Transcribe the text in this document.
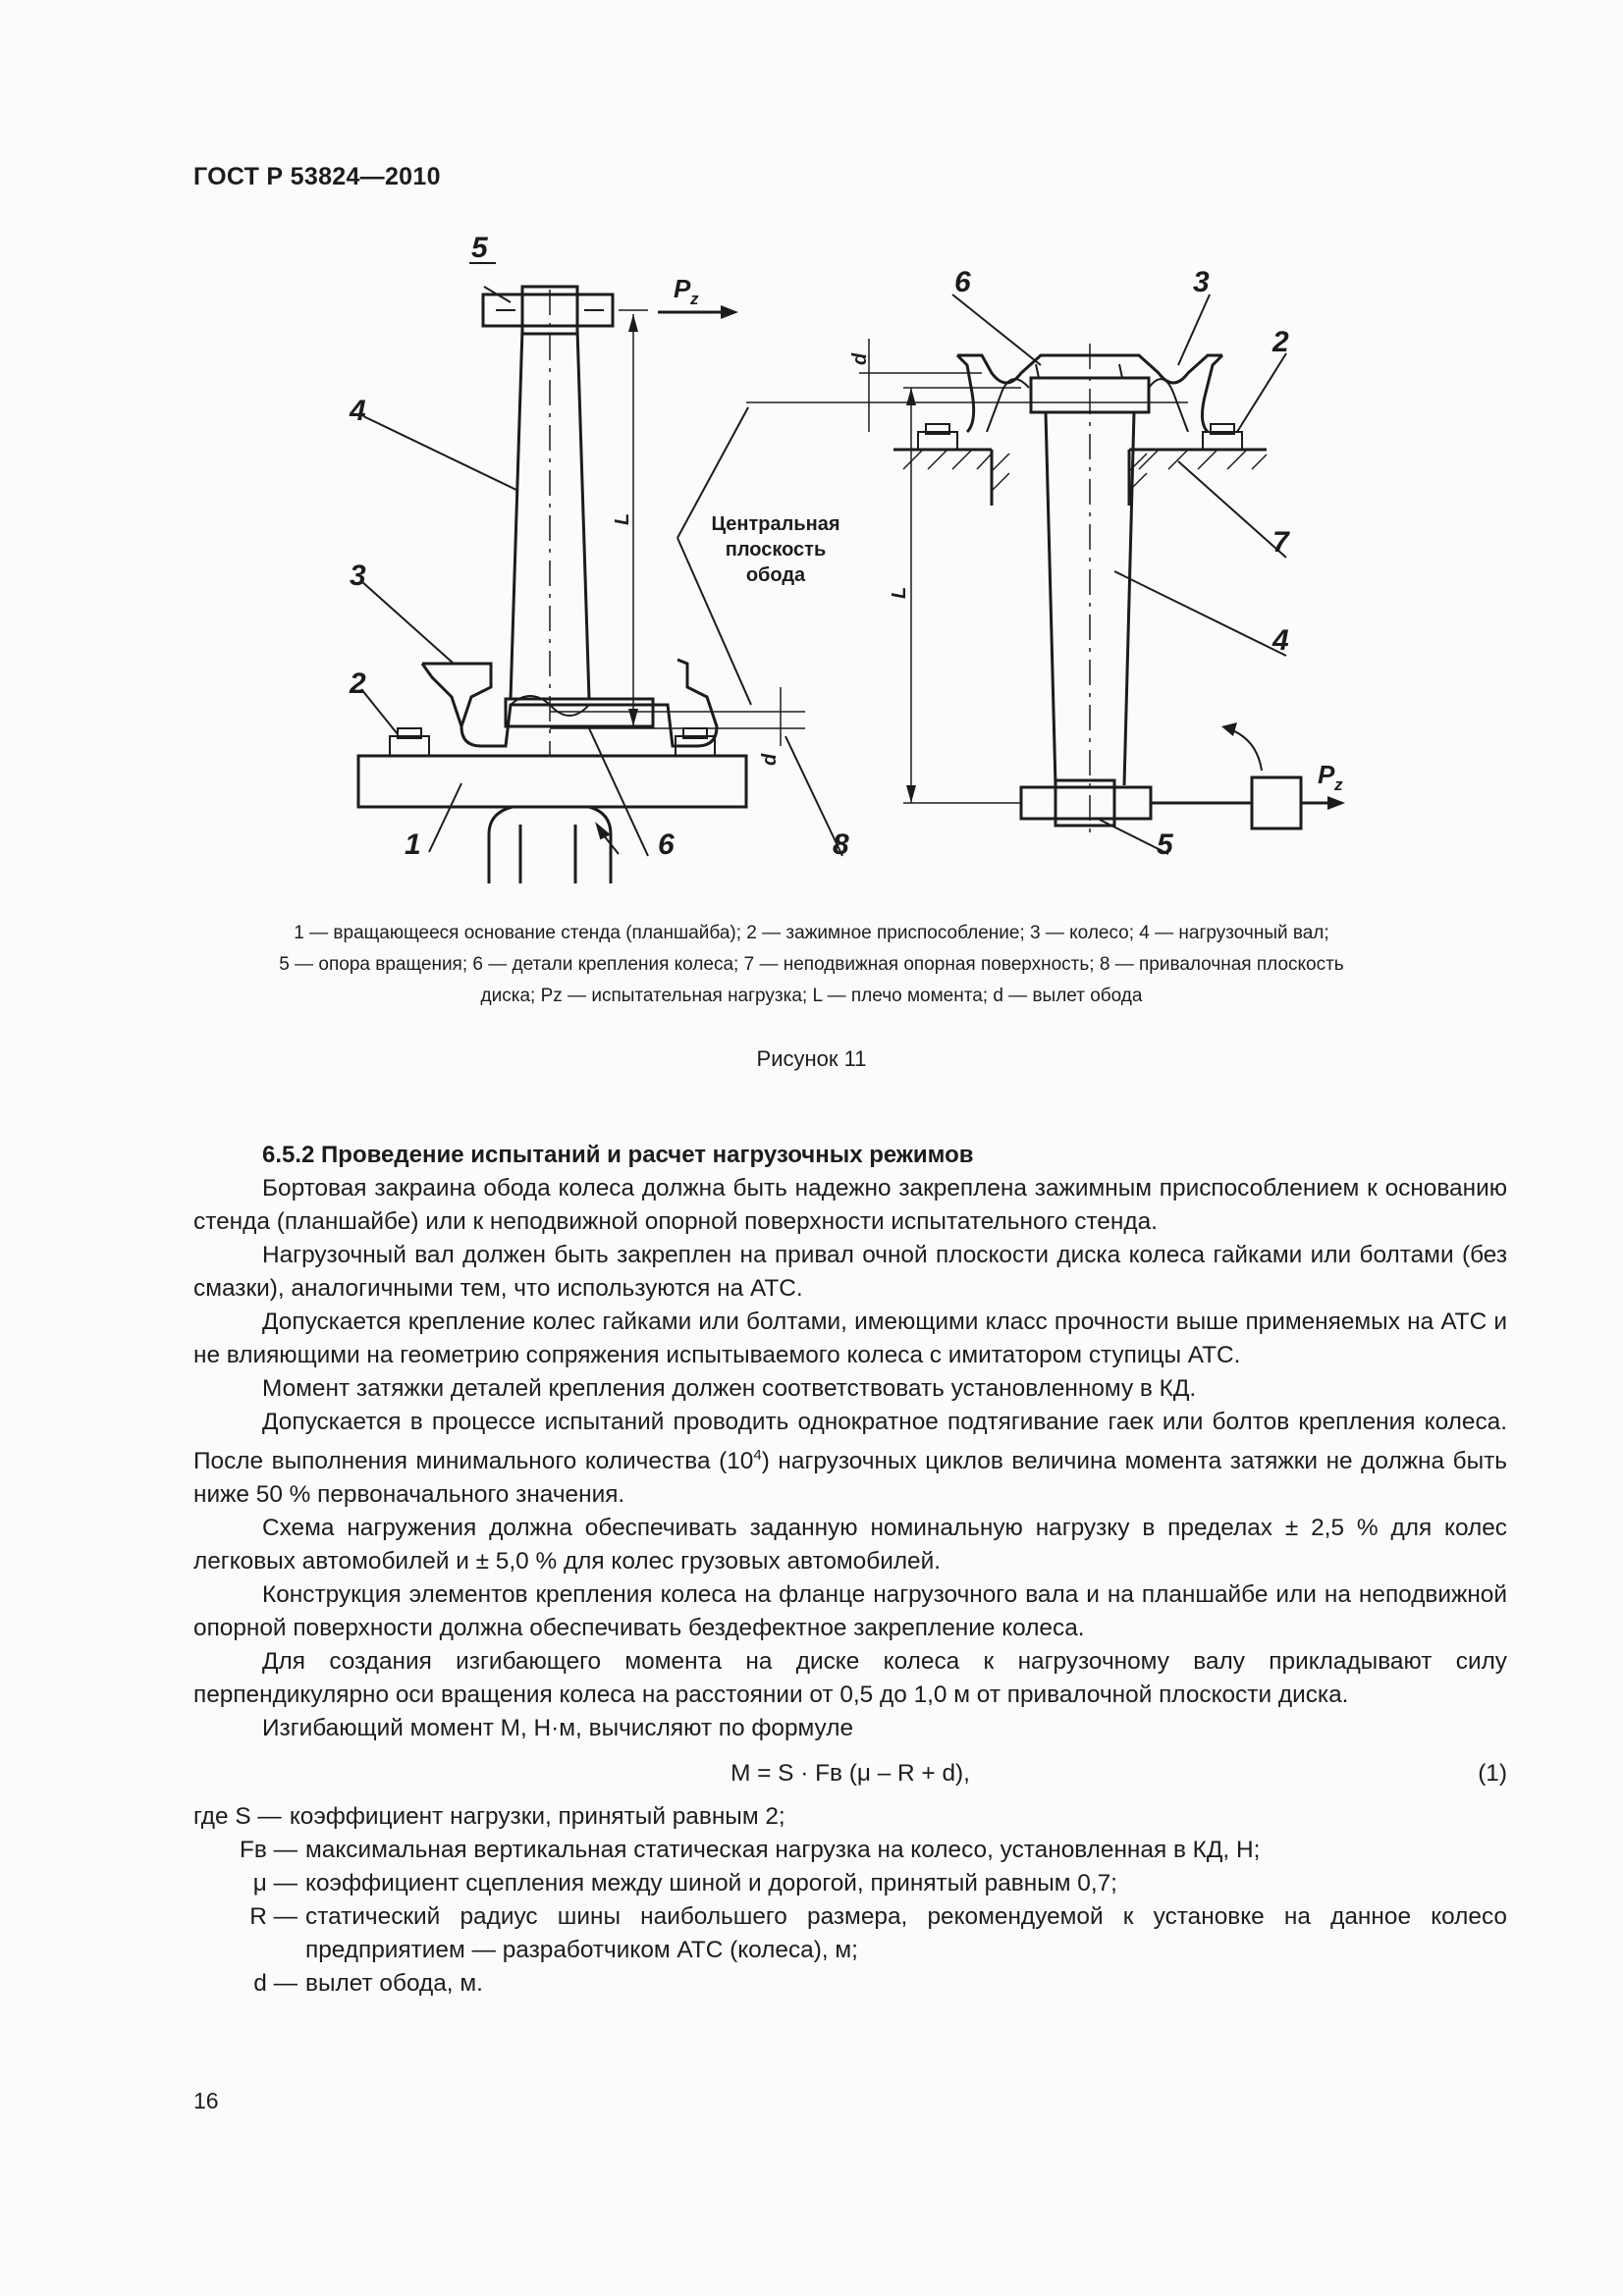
ГОСТ Р 53824—2010
5
4
3
2
1	6	8
6	3
2
7
4
5
P z
P z
L
L
d
d
Центральная
плоскость
обода
1 — вращающееся основание стенда (планшайба); 2 — зажимное приспособление; 3 — колесо; 4 — нагрузочный вал;
5 — опора вращения; 6 — детали крепления колеса; 7 — неподвижная опорная поверхность; 8 — привалочная плоскость
диска; Pz — испытательная нагрузка; L — плечо момента; d — вылет обода
Рисунок 11
6.5.2 Проведение испытаний и расчет нагрузочных режимов

Бортовая закраина обода колеса должна быть надежно закреплена зажимным приспособлением к основанию стенда (планшайбе) или к неподвижной опорной поверхности испытательного стенда.

Нагрузочный вал должен быть закреплен на привал очной плоскости диска колеса гайками или болтами (без смазки), аналогичными тем, что используются на АТС.

Допускается крепление колес гайками или болтами, имеющими класс прочности выше применяемых на АТС и не влияющими на геометрию сопряжения испытываемого колеса с имитатором ступицы АТС.

Момент затяжки деталей крепления должен соответствовать установленному в КД.

Допускается в процессе испытаний проводить однократное подтягивание гаек или болтов крепления колеса. После выполнения минимального количества $(10^4)$ нагрузочных циклов величина момента затяжки не должна быть ниже 50 % первоначального значения.

Схема нагружения должна обеспечивать заданную номинальную нагрузку в пределах ± 2,5 % для колес легковых автомобилей и ± 5,0 % для колес грузовых автомобилей.

Конструкция элементов крепления колеса на фланце нагрузочного вала и на планшайбе или на неподвижной опорной поверхности должна обеспечивать бездефектное закрепление колеса.

Для создания изгибающего момента на диске колеса к нагрузочному валу прикладывают силу перпендикулярно оси вращения колеса на расстоянии от 0,5 до 1,0 м от привалочной плоскости диска.

Изгибающий момент M, Н·м, вычисляют по формуле

M = S · Fв (μ – R + d),	(1)
где S — коэффициент нагрузки, принятый равным 2;
Fв — максимальная вертикальная статическая нагрузка на колесо, установленная в КД, Н;
μ — коэффициент сцепления между шиной и дорогой, принятый равным 0,7;
R — статический радиус шины наибольшего размера, рекомендуемой к установке на данное колесо предприятием — разработчиком АТС (колеса), м;
d — вылет обода, м.
16
